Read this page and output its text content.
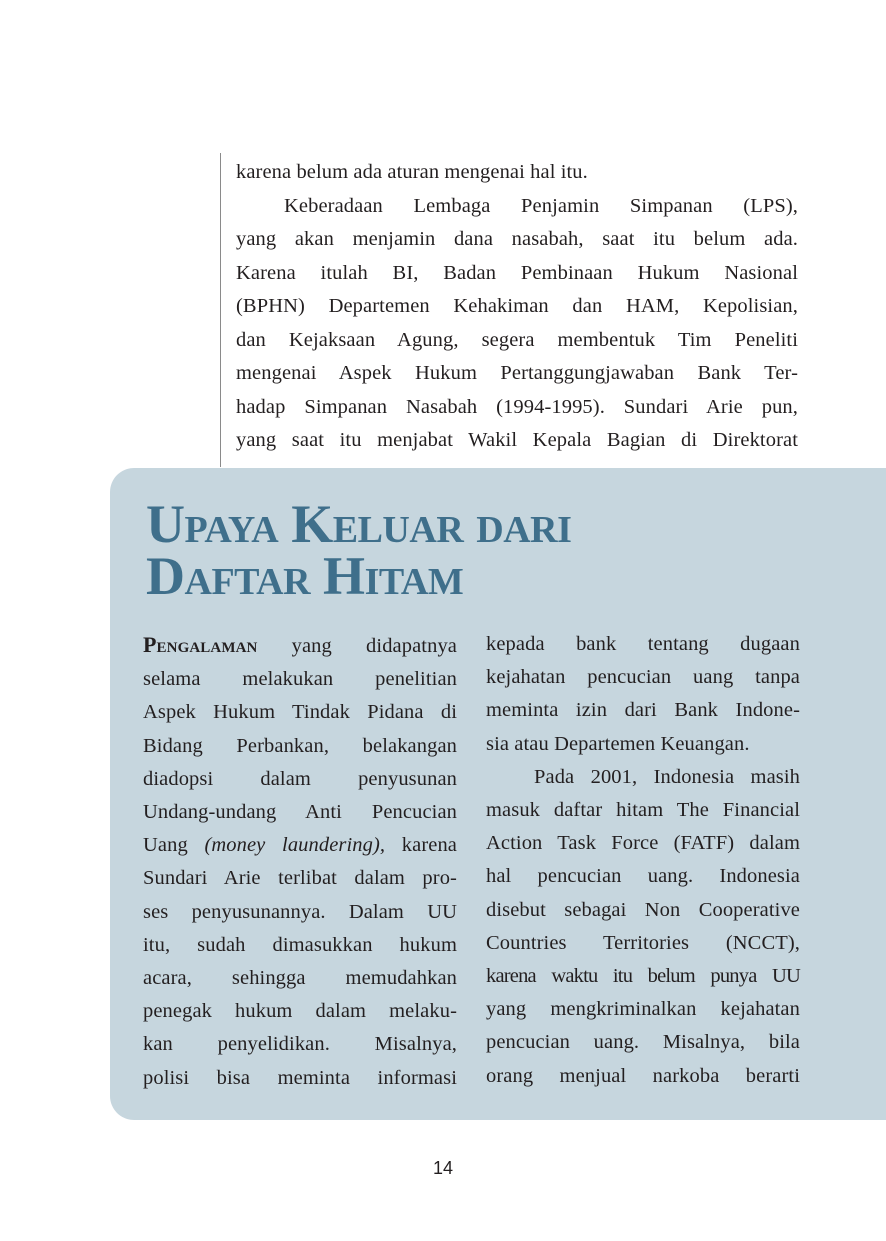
karena belum ada aturan mengenai hal itu.
Keberadaan Lembaga Penjamin Simpanan (LPS),
yang akan menjamin dana nasabah, saat itu belum ada.
Karena itulah BI, Badan Pembinaan Hukum Nasional
(BPHN) Departemen Kehakiman dan HAM, Kepolisian,
dan Kejaksaan Agung, segera membentuk Tim Peneliti
mengenai Aspek Hukum Pertanggungjawaban Bank Ter-
hadap Simpanan Nasabah (1994-1995). Sundari Arie pun,
yang saat itu menjabat Wakil Kepala Bagian di Direktorat
Upaya Keluar dari
Daftar Hitam
Pengalaman yang didapatnya
selama melakukan penelitian
Aspek Hukum Tindak Pidana di
Bidang Perbankan, belakangan
diadopsi dalam penyusunan
Undang-undang Anti Pencucian
Uang (money laundering), karena
Sundari Arie terlibat dalam pro-
ses penyusunannya. Dalam UU
itu, sudah dimasukkan hukum
acara, sehingga memudahkan
penegak hukum dalam melaku-
kan penyelidikan. Misalnya,
polisi bisa meminta informasi
kepada bank tentang dugaan
kejahatan pencucian uang tanpa
meminta izin dari Bank Indone-
sia atau Departemen Keuangan.
Pada 2001, Indonesia masih
masuk daftar hitam The Financial
Action Task Force (FATF) dalam
hal pencucian uang. Indonesia
disebut sebagai Non Cooperative
Countries Territories (NCCT),
karena waktu itu belum punya UU
yang mengkriminalkan kejahatan
pencucian uang. Misalnya, bila
orang menjual narkoba berarti
14
